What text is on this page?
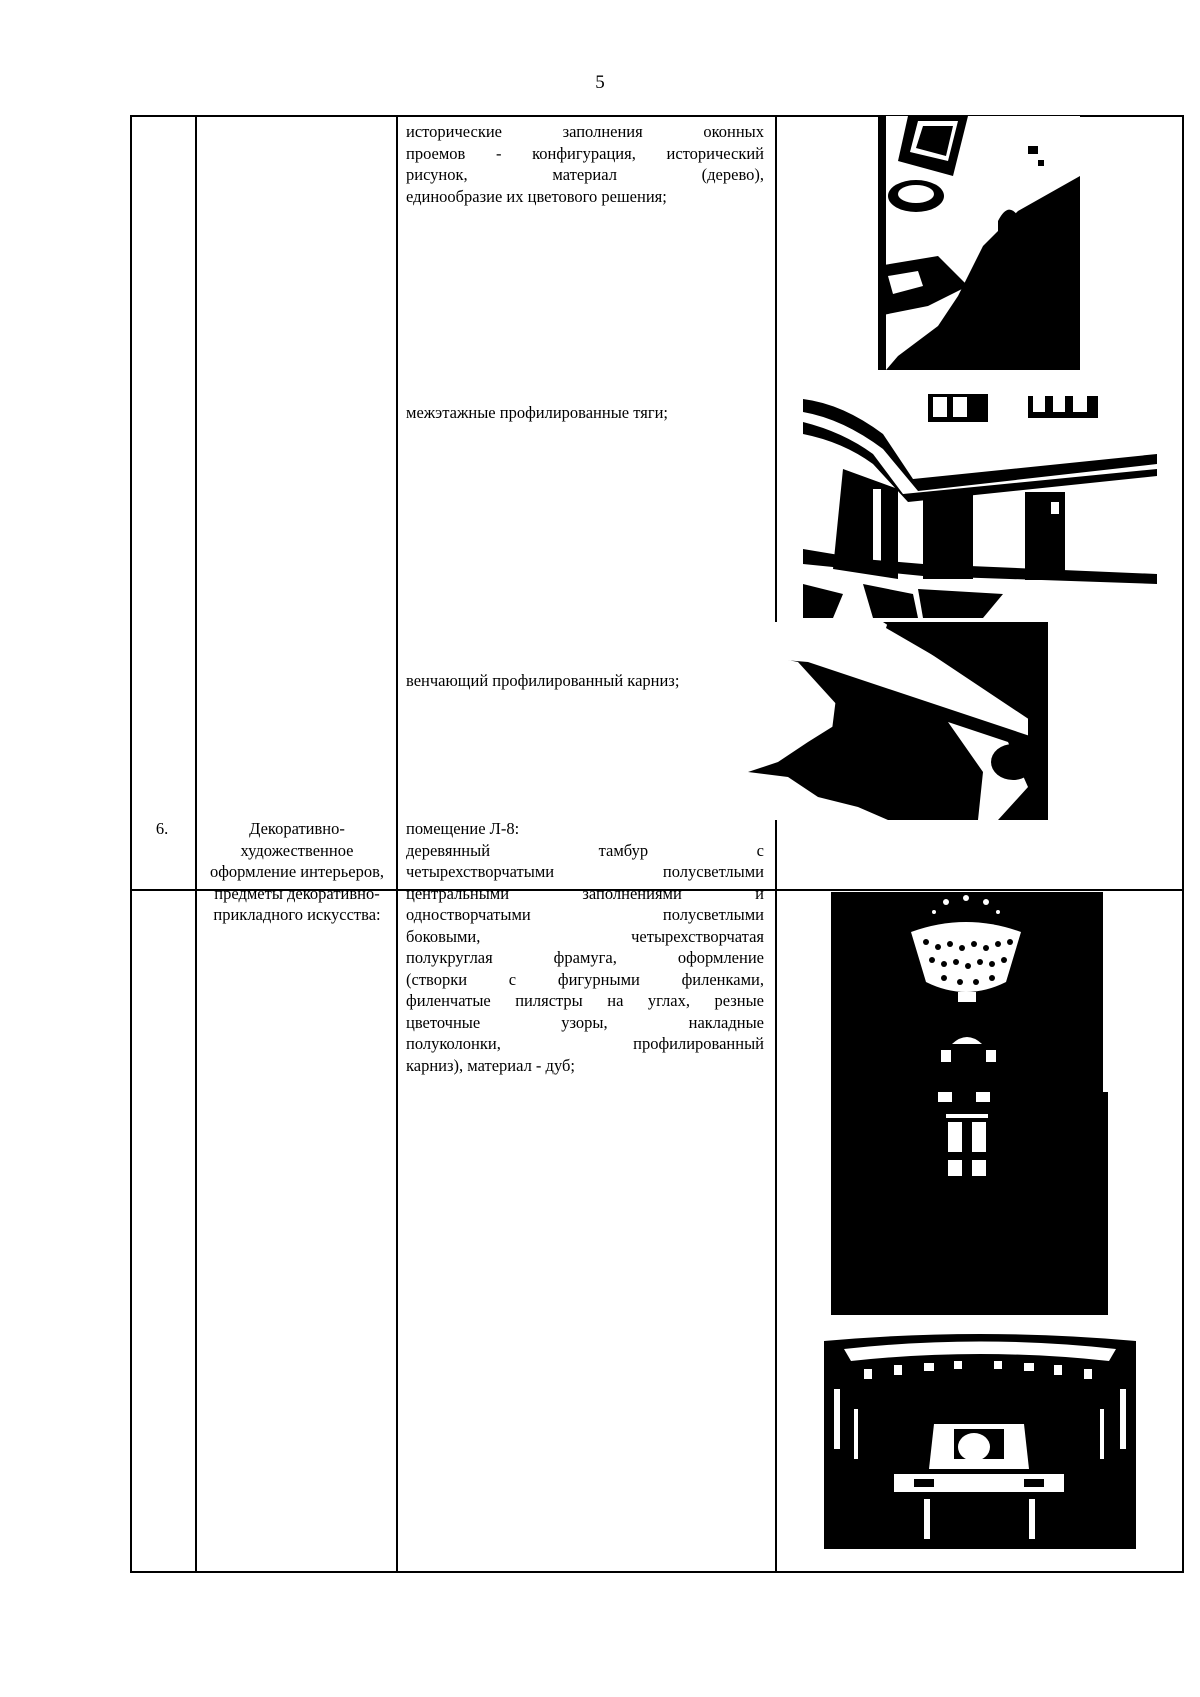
5
исторические заполнения оконных
проемов - конфигурация, исторический
рисунок, материал (дерево),
единообразие их цветового решения;
межэтажные профилированные тяги;
венчающий профилированный карниз;
6.	Декоративно-художественное оформление интерьеров, предметы декоративно-прикладного искусства:
помещение Л-8:
деревянный тамбур с
четырехстворчатыми полусветлыми
центральными заполнениями и
одностворчатыми полусветлыми
боковыми, четырехстворчатая
полукруглая фрамуга, оформление
(створки с фигурными филенками,
филенчатые пилястры на углах, резные
цветочные узоры, накладные
полуколонки, профилированный
карниз), материал - дуб;
